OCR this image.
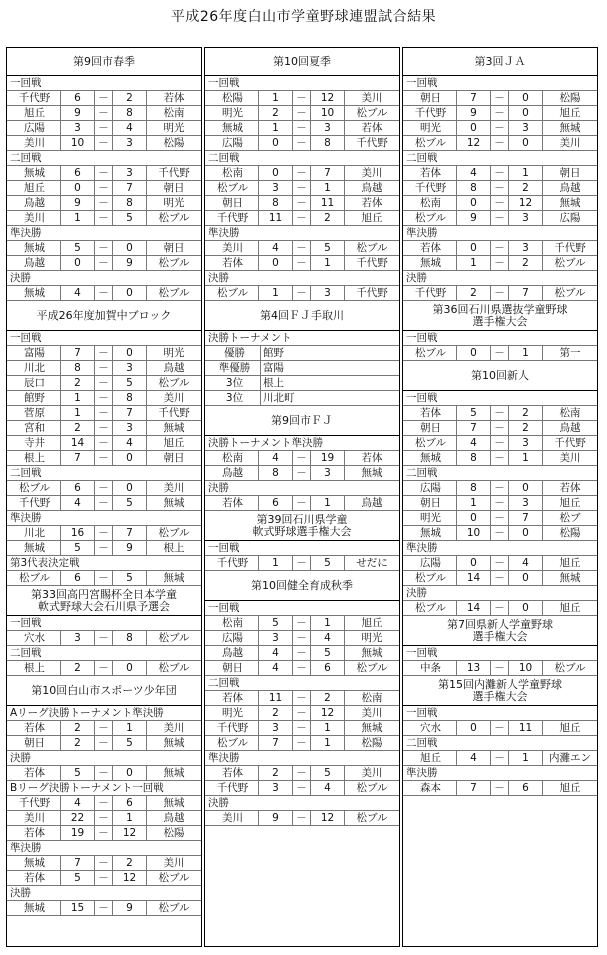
平成26年度白山市学童野球連盟試合結果
第9回市春季
一回戦
千代野	6	－	2	若体
旭丘	9	－	8	松南
広陽	3	－	4	明光
美川	10	－	3	松陽
二回戦
無城	6	－	3	千代野
旭丘	0	－	7	朝日
鳥越	9	－	8	明光
美川	1	－	5	松ブル
準決勝
無城	5	－	0	朝日
鳥越	0	－	9	松ブル
決勝
無城	4	－	0	松ブル
平成26年度加賀中ブロック
一回戦
富陽	7	－	0	明光
川北	8	－	3	鳥越
辰口	2	－	5	松ブル
館野	1	－	8	美川
菅原	1	－	7	千代野
宮和	2	－	3	無城
寺井	14	－	4	旭丘
根上	7	－	0	朝日
二回戦
松ブル	6	－	0	美川
千代野	4	－	5	無城
準決勝
川北	16	－	7	松ブル
無城	5	－	9	根上
第3代表決定戦
松ブル	6	－	5	無城
第33回高円宮賜杯全日本学童
軟式野球大会石川県予選会
一回戦
穴水	3	－	8	松ブル
二回戦
根上	2	－	0	松ブル
第10回白山市スポーツ少年団
Aリーグ決勝トーナメント準決勝
若体	2	－	1	美川
朝日	2	－	5	無城
決勝
若体	5	－	0	無城
Bリーグ決勝トーナメント一回戦
千代野	4	－	6	無城
美川	22	－	1	鳥越
若体	19	－	12	松陽
準決勝
無城	7	－	2	美川
若体	5	－	12	松ブル
決勝
無城	15	－	9	松ブル
第10回夏季
一回戦
松陽	1	－	12	美川
明光	2	－	10	松ブル
無城	1	－	3	若体
広陽	0	－	8	千代野
二回戦
松南	0	－	7	美川
松ブル	3	－	1	鳥越
朝日	8	－	11	若体
千代野	11	－	2	旭丘
準決勝
美川	4	－	5	松ブル
若体	0	－	1	千代野
決勝
松ブル	1	－	3	千代野
第4回ＦＪ手取川
決勝トーナメント
優勝	館野
準優勝	富陽
3位	根上
3位	川北町
第9回市ＦＪ
決勝トーナメント準決勝
松南	4	－	19	若体
鳥越	8	－	3	無城
決勝
若体	6	－	1	鳥越
第39回石川県学童
軟式野球選手権大会
一回戦
千代野	1	－	5	せだに
第10回健全育成秋季
一回戦
松南	5	－	1	旭丘
広陽	3	－	4	明光
鳥越	4	－	5	無城
朝日	4	－	6	松ブル
二回戦
若体	11	－	2	松南
明光	2	－	12	美川
千代野	3	－	1	無城
松ブル	7	－	1	松陽
準決勝
若体	2	－	5	美川
千代野	3	－	4	松ブル
決勝
美川	9	－	12	松ブル
第3回ＪＡ
一回戦
朝日	7	－	0	松陽
千代野	9	－	0	旭丘
明光	0	－	3	無城
松ブル	12	－	0	美川
二回戦
若体	4	－	1	朝日
千代野	8	－	2	鳥越
松南	0	－	12	無城
松ブル	9	－	3	広陽
準決勝
若体	0	－	3	千代野
無城	1	－	2	松ブル
決勝
千代野	2	－	7	松ブル
第36回石川県選抜学童野球
選手権大会
一回戦
松ブル	0	－	1	第一
第10回新人
一回戦
若体	5	－	2	松南
朝日	7	－	2	鳥越
松ブル	4	－	3	千代野
無城	8	－	1	美川
二回戦
広陽	8	－	0	若体
朝日	1	－	3	旭丘
明光	0	－	7	松ブ
無城	10	－	0	松陽
準決勝
広陽	0	－	4	旭丘
松ブル	14	－	0	無城
決勝
松ブル	14	－	0	旭丘
第7回県新人学童野球
選手権大会
一回戦
中条	13	－	10	松ブル
第15回内灘新人学童野球
選手権大会
一回戦
穴水	0	－	11	旭丘
二回戦
旭丘	4	－	1	内灘エン
準決勝
森本	7	－	6	旭丘
